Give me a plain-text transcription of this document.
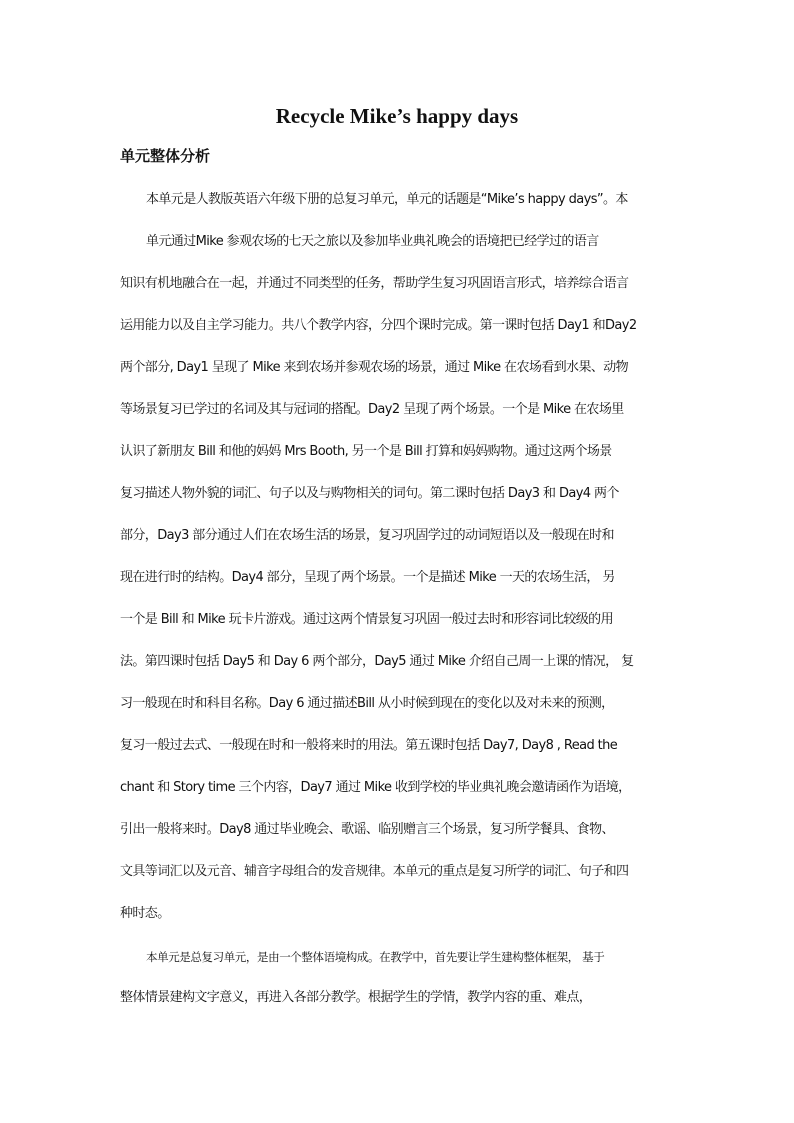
Recycle Mike’s happy days
单元整体分析
本单元是人教版英语六年级下册的总复习单元，单元的话题是“Mike’s happy days”。本
单元通过Mike 参观农场的七天之旅以及参加毕业典礼晚会的语境把已经学过的语言
知识有机地融合在一起，并通过不同类型的任务，帮助学生复习巩固语言形式，培养综合语言
运用能力以及自主学习能力。共八个教学内容，分四个课时完成。第一课时包括 Day1 和Day2
两个部分, Day1 呈现了 Mike 来到农场并参观农场的场景，通过 Mike 在农场看到水果、动物
等场景复习已学过的名词及其与冠词的搭配。Day2 呈现了两个场景。一个是 Mike 在农场里
认识了新朋友 Bill 和他的妈妈 Mrs Booth, 另一个是 Bill 打算和妈妈购物。通过这两个场景
复习描述人物外貌的词汇、句子以及与购物相关的词句。第二课时包括 Day3 和 Day4 两个
部分，Day3 部分通过人们在农场生活的场景，复习巩固学过的动词短语以及一般现在时和
现在进行时的结构。Day4 部分，呈现了两个场景。一个是描述 Mike 一天的农场生活， 另
一个是 Bill 和 Mike 玩卡片游戏。通过这两个情景复习巩固一般过去时和形容词比较级的用
法。第四课时包括 Day5 和 Day 6 两个部分，Day5 通过 Mike 介绍自己周一上课的情况， 复
习一般现在时和科目名称。Day 6 通过描述Bill 从小时候到现在的变化以及对未来的预测，
复习一般过去式、一般现在时和一般将来时的用法。第五课时包括 Day7, Day8 , Read the
chant 和 Story time 三个内容，Day7 通过 Mike 收到学校的毕业典礼晚会邀请函作为语境，
引出一般将来时。Day8 通过毕业晚会、歌谣、临别赠言三个场景，复习所学餐具、食物、
文具等词汇以及元音、辅音字母组合的发音规律。本单元的重点是复习所学的词汇、句子和四
种时态。
本单元是总复习单元，是由一个整体语境构成。在教学中，首先要让学生建构整体框架， 基于
整体情景建构文字意义，再进入各部分教学。根据学生的学情，教学内容的重、难点，
